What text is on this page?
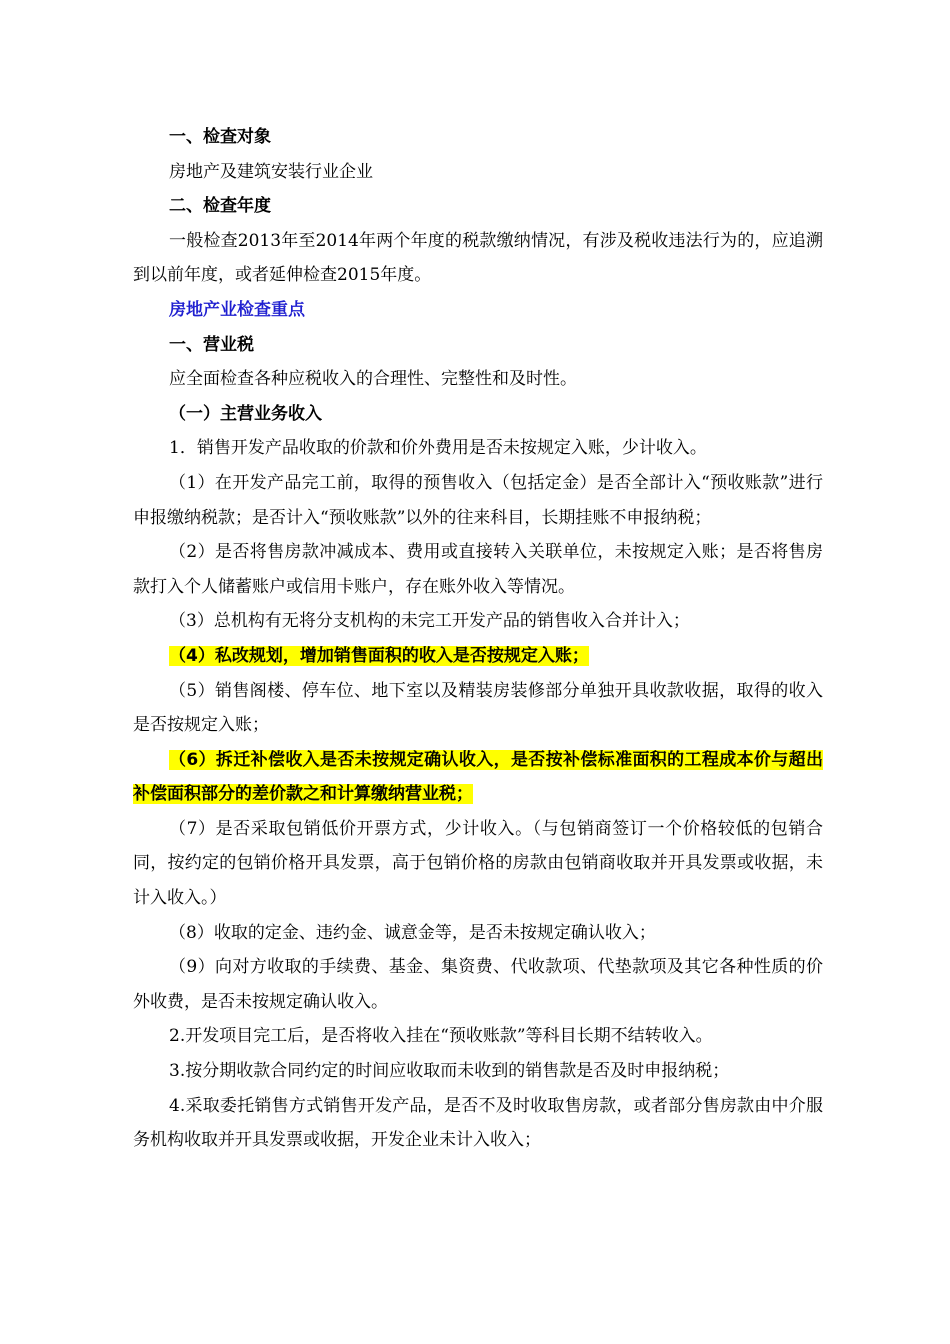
一、检查对象

房地产及建筑安装行业企业

二、检查年度

一般检查2013年至2014年两个年度的税款缴纳情况，有涉及税收违法行为的，应追溯到以前年度，或者延伸检查2015年度。

房地产业检查重点

一、营业税

应全面检查各种应税收入的合理性、完整性和及时性。

（一）主营业务收入

1．销售开发产品收取的价款和价外费用是否未按规定入账，少计收入。

（1）在开发产品完工前，取得的预售收入（包括定金）是否全部计入“预收账款”进行申报缴纳税款；是否计入“预收账款”以外的往来科目，长期挂账不申报纳税；

（2）是否将售房款冲减成本、费用或直接转入关联单位，未按规定入账；是否将售房款打入个人储蓄账户或信用卡账户，存在账外收入等情况。

（3）总机构有无将分支机构的未完工开发产品的销售收入合并计入；

（4）私改规划，增加销售面积的收入是否按规定入账；

（5）销售阁楼、停车位、地下室以及精装房装修部分单独开具收款收据，取得的收入是否按规定入账；

（6）拆迁补偿收入是否未按规定确认收入，是否按补偿标准面积的工程成本价与超出补偿面积部分的差价款之和计算缴纳营业税；

（7）是否采取包销低价开票方式，少计收入。（与包销商签订一个价格较低的包销合同，按约定的包销价格开具发票，高于包销价格的房款由包销商收取并开具发票或收据，未计入收入。）

（8）收取的定金、违约金、诚意金等，是否未按规定确认收入；

（9）向对方收取的手续费、基金、集资费、代收款项、代垫款项及其它各种性质的价外收费，是否未按规定确认收入。

2.开发项目完工后，是否将收入挂在“预收账款”等科目长期不结转收入。

3.按分期收款合同约定的时间应收取而未收到的销售款是否及时申报纳税；

4.采取委托销售方式销售开发产品，是否不及时收取售房款，或者部分售房款由中介服务机构收取并开具发票或收据，开发企业未计入收入；
